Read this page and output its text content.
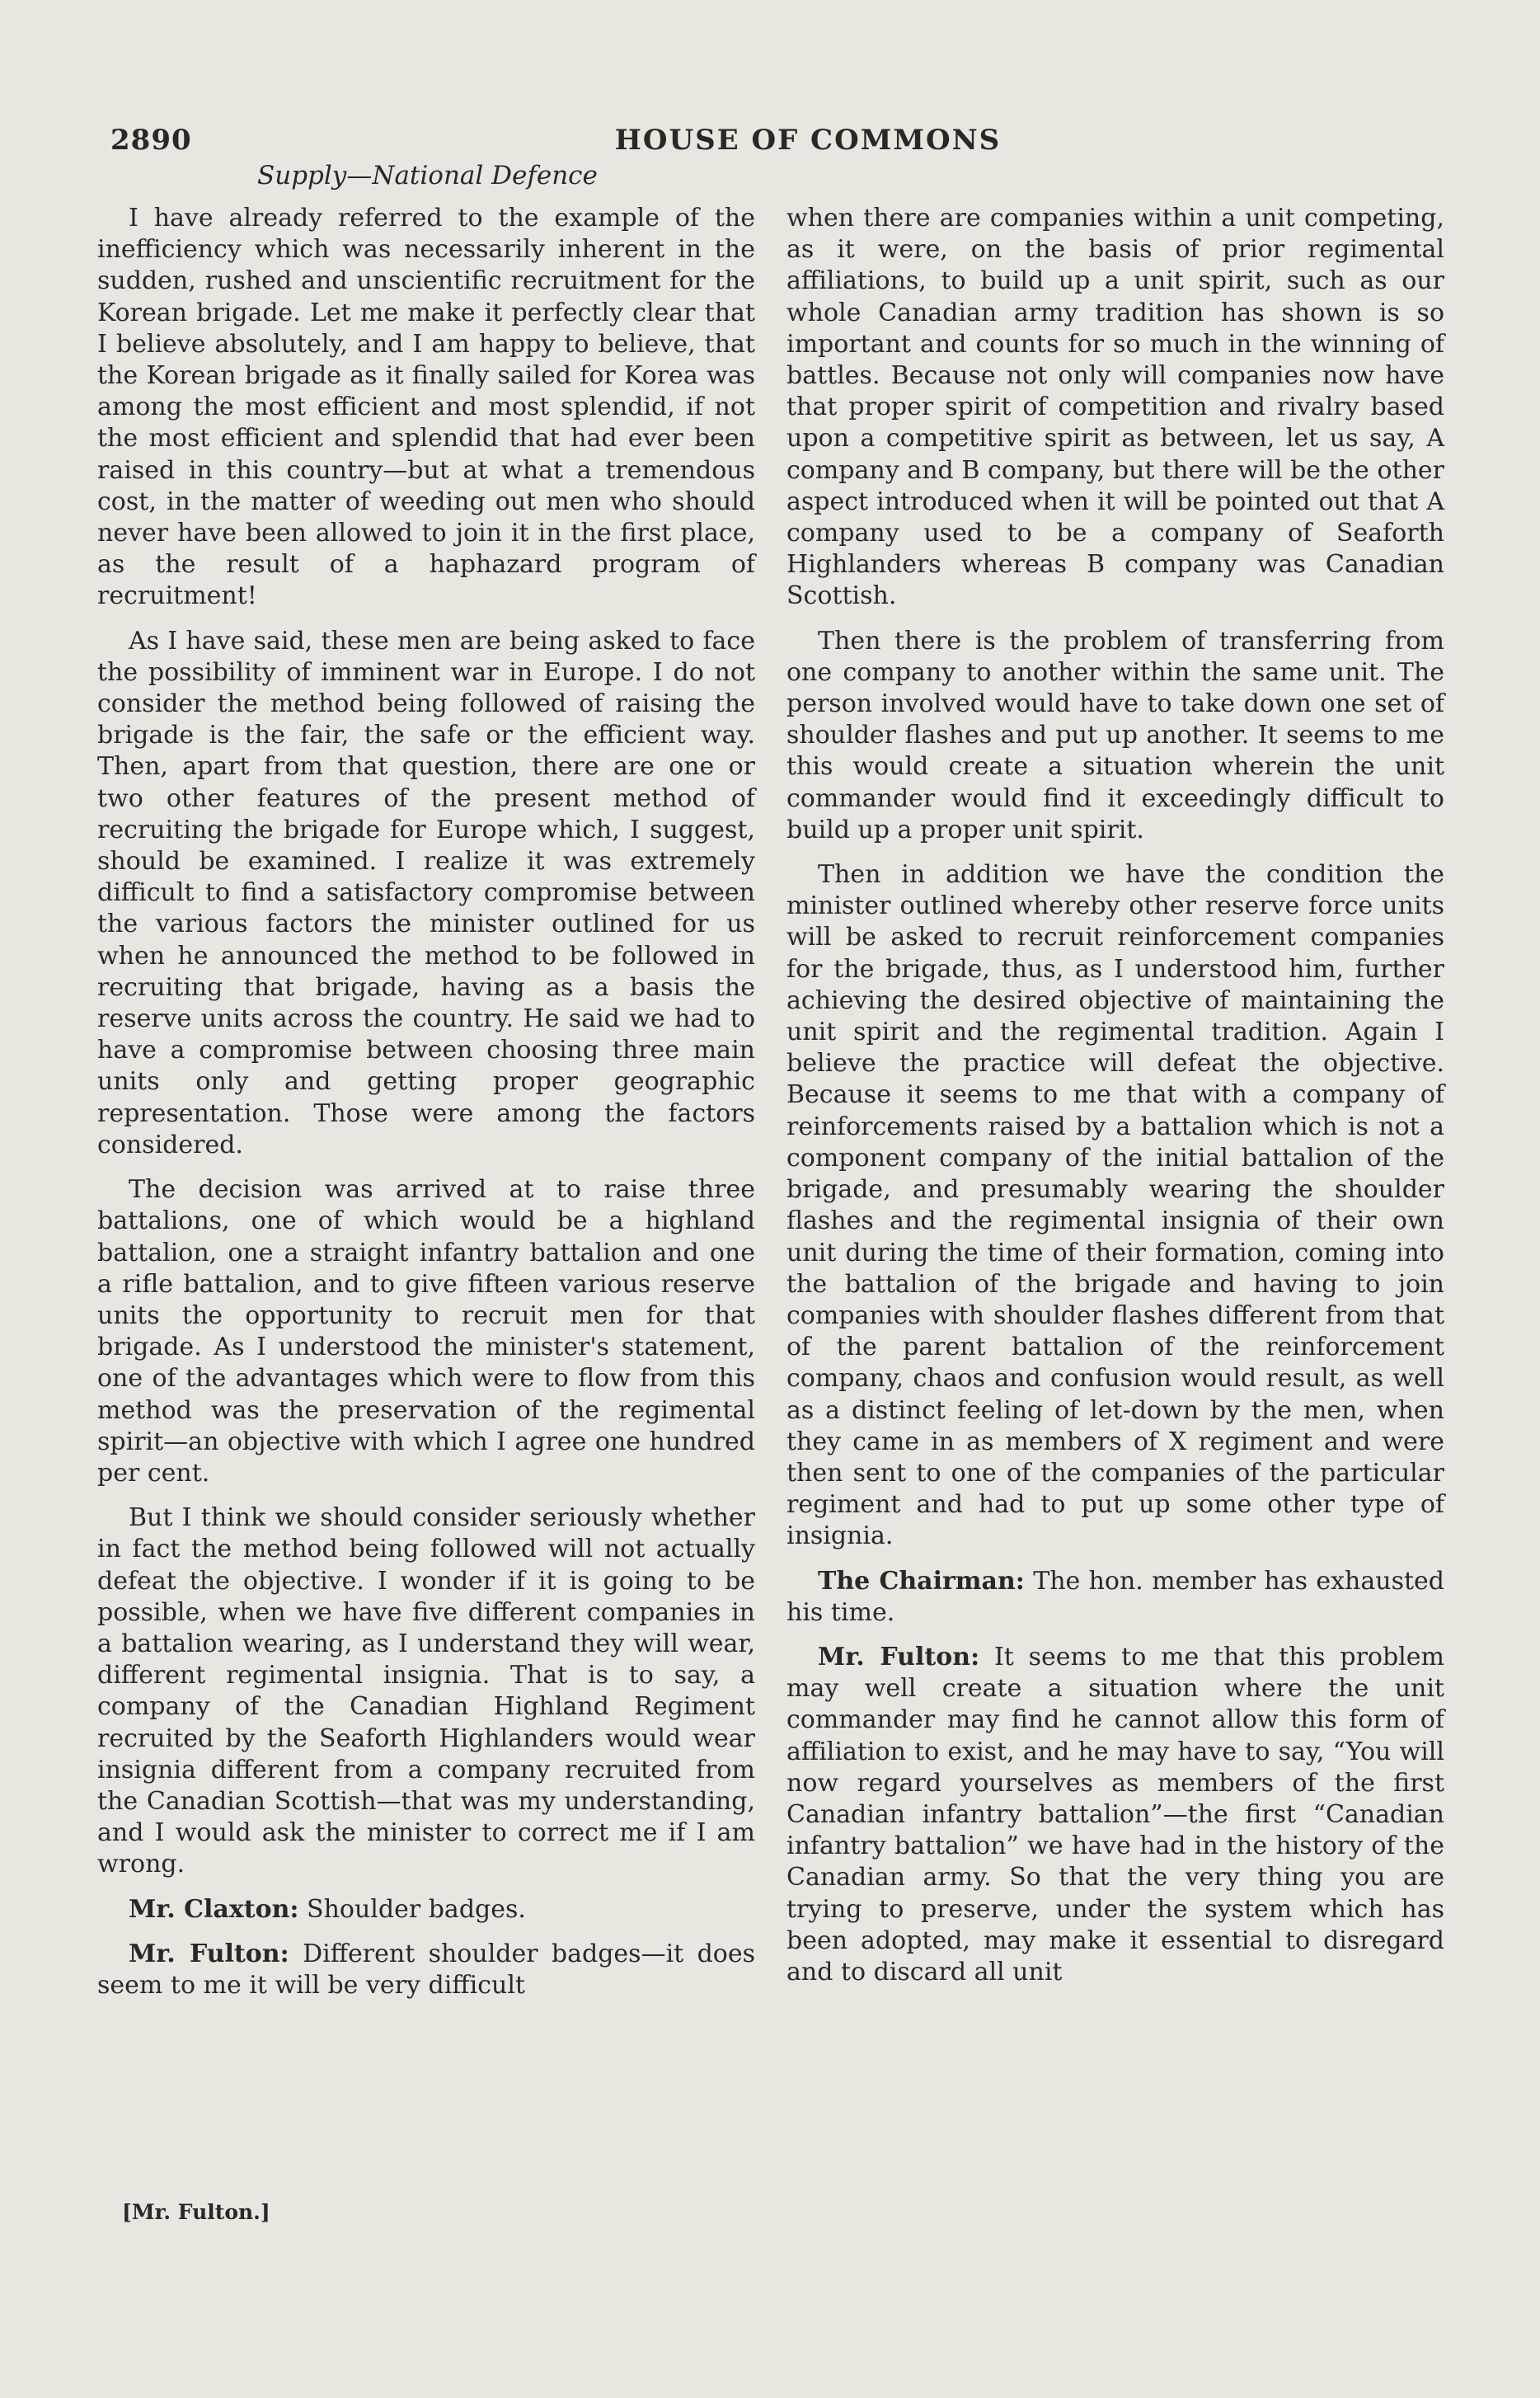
2890	HOUSE OF COMMONS
Supply—National Defence

I have already referred to the example of the inefficiency which was necessarily inherent in the sudden, rushed and unscientific recruitment for the Korean brigade. Let me make it perfectly clear that I believe absolutely, and I am happy to believe, that the Korean brigade as it finally sailed for Korea was among the most efficient and most splendid, if not the most efficient and splendid that had ever been raised in this country—but at what a tremendous cost, in the matter of weeding out men who should never have been allowed to join it in the first place, as the result of a haphazard program of recruitment!

As I have said, these men are being asked to face the possibility of imminent war in Europe. I do not consider the method being followed of raising the brigade is the fair, the safe or the efficient way. Then, apart from that question, there are one or two other features of the present method of recruiting the brigade for Europe which, I suggest, should be examined. I realize it was extremely difficult to find a satisfactory compromise between the various factors the minister outlined for us when he announced the method to be followed in recruiting that brigade, having as a basis the reserve units across the country. He said we had to have a compromise between choosing three main units only and getting proper geographic representation. Those were among the factors considered.

The decision was arrived at to raise three battalions, one of which would be a highland battalion, one a straight infantry battalion and one a rifle battalion, and to give fifteen various reserve units the opportunity to recruit men for that brigade. As I understood the minister's statement, one of the advantages which were to flow from this method was the preservation of the regimental spirit—an objective with which I agree one hundred per cent.

But I think we should consider seriously whether in fact the method being followed will not actually defeat the objective. I wonder if it is going to be possible, when we have five different companies in a battalion wearing, as I understand they will wear, different regimental insignia. That is to say, a company of the Canadian Highland Regiment recruited by the Seaforth Highlanders would wear insignia different from a company recruited from the Canadian Scottish—that was my understanding, and I would ask the minister to correct me if I am wrong.

Mr. Claxton: Shoulder badges.

Mr. Fulton: Different shoulder badges—it does seem to me it will be very difficult

when there are companies within a unit competing, as it were, on the basis of prior regimental affiliations, to build up a unit spirit, such as our whole Canadian army tradition has shown is so important and counts for so much in the winning of battles. Because not only will companies now have that proper spirit of competition and rivalry based upon a competitive spirit as between, let us say, A company and B company, but there will be the other aspect introduced when it will be pointed out that A company used to be a company of Seaforth Highlanders whereas B company was Canadian Scottish.

Then there is the problem of transferring from one company to another within the same unit. The person involved would have to take down one set of shoulder flashes and put up another. It seems to me this would create a situation wherein the unit commander would find it exceedingly difficult to build up a proper unit spirit.

Then in addition we have the condition the minister outlined whereby other reserve force units will be asked to recruit reinforcement companies for the brigade, thus, as I understood him, further achieving the desired objective of maintaining the unit spirit and the regimental tradition. Again I believe the practice will defeat the objective. Because it seems to me that with a company of reinforcements raised by a battalion which is not a component company of the initial battalion of the brigade, and presumably wearing the shoulder flashes and the regimental insignia of their own unit during the time of their formation, coming into the battalion of the brigade and having to join companies with shoulder flashes different from that of the parent battalion of the reinforcement company, chaos and confusion would result, as well as a distinct feeling of let-down by the men, when they came in as members of X regiment and were then sent to one of the companies of the particular regiment and had to put up some other type of insignia.

The Chairman: The hon. member has exhausted his time.

Mr. Fulton: It seems to me that this problem may well create a situation where the unit commander may find he cannot allow this form of affiliation to exist, and he may have to say, “You will now regard yourselves as members of the first Canadian infantry battalion”—the first “Canadian infantry battalion” we have had in the history of the Canadian army. So that the very thing you are trying to preserve, under the system which has been adopted, may make it essential to disregard and to discard all unit

[Mr. Fulton.]
